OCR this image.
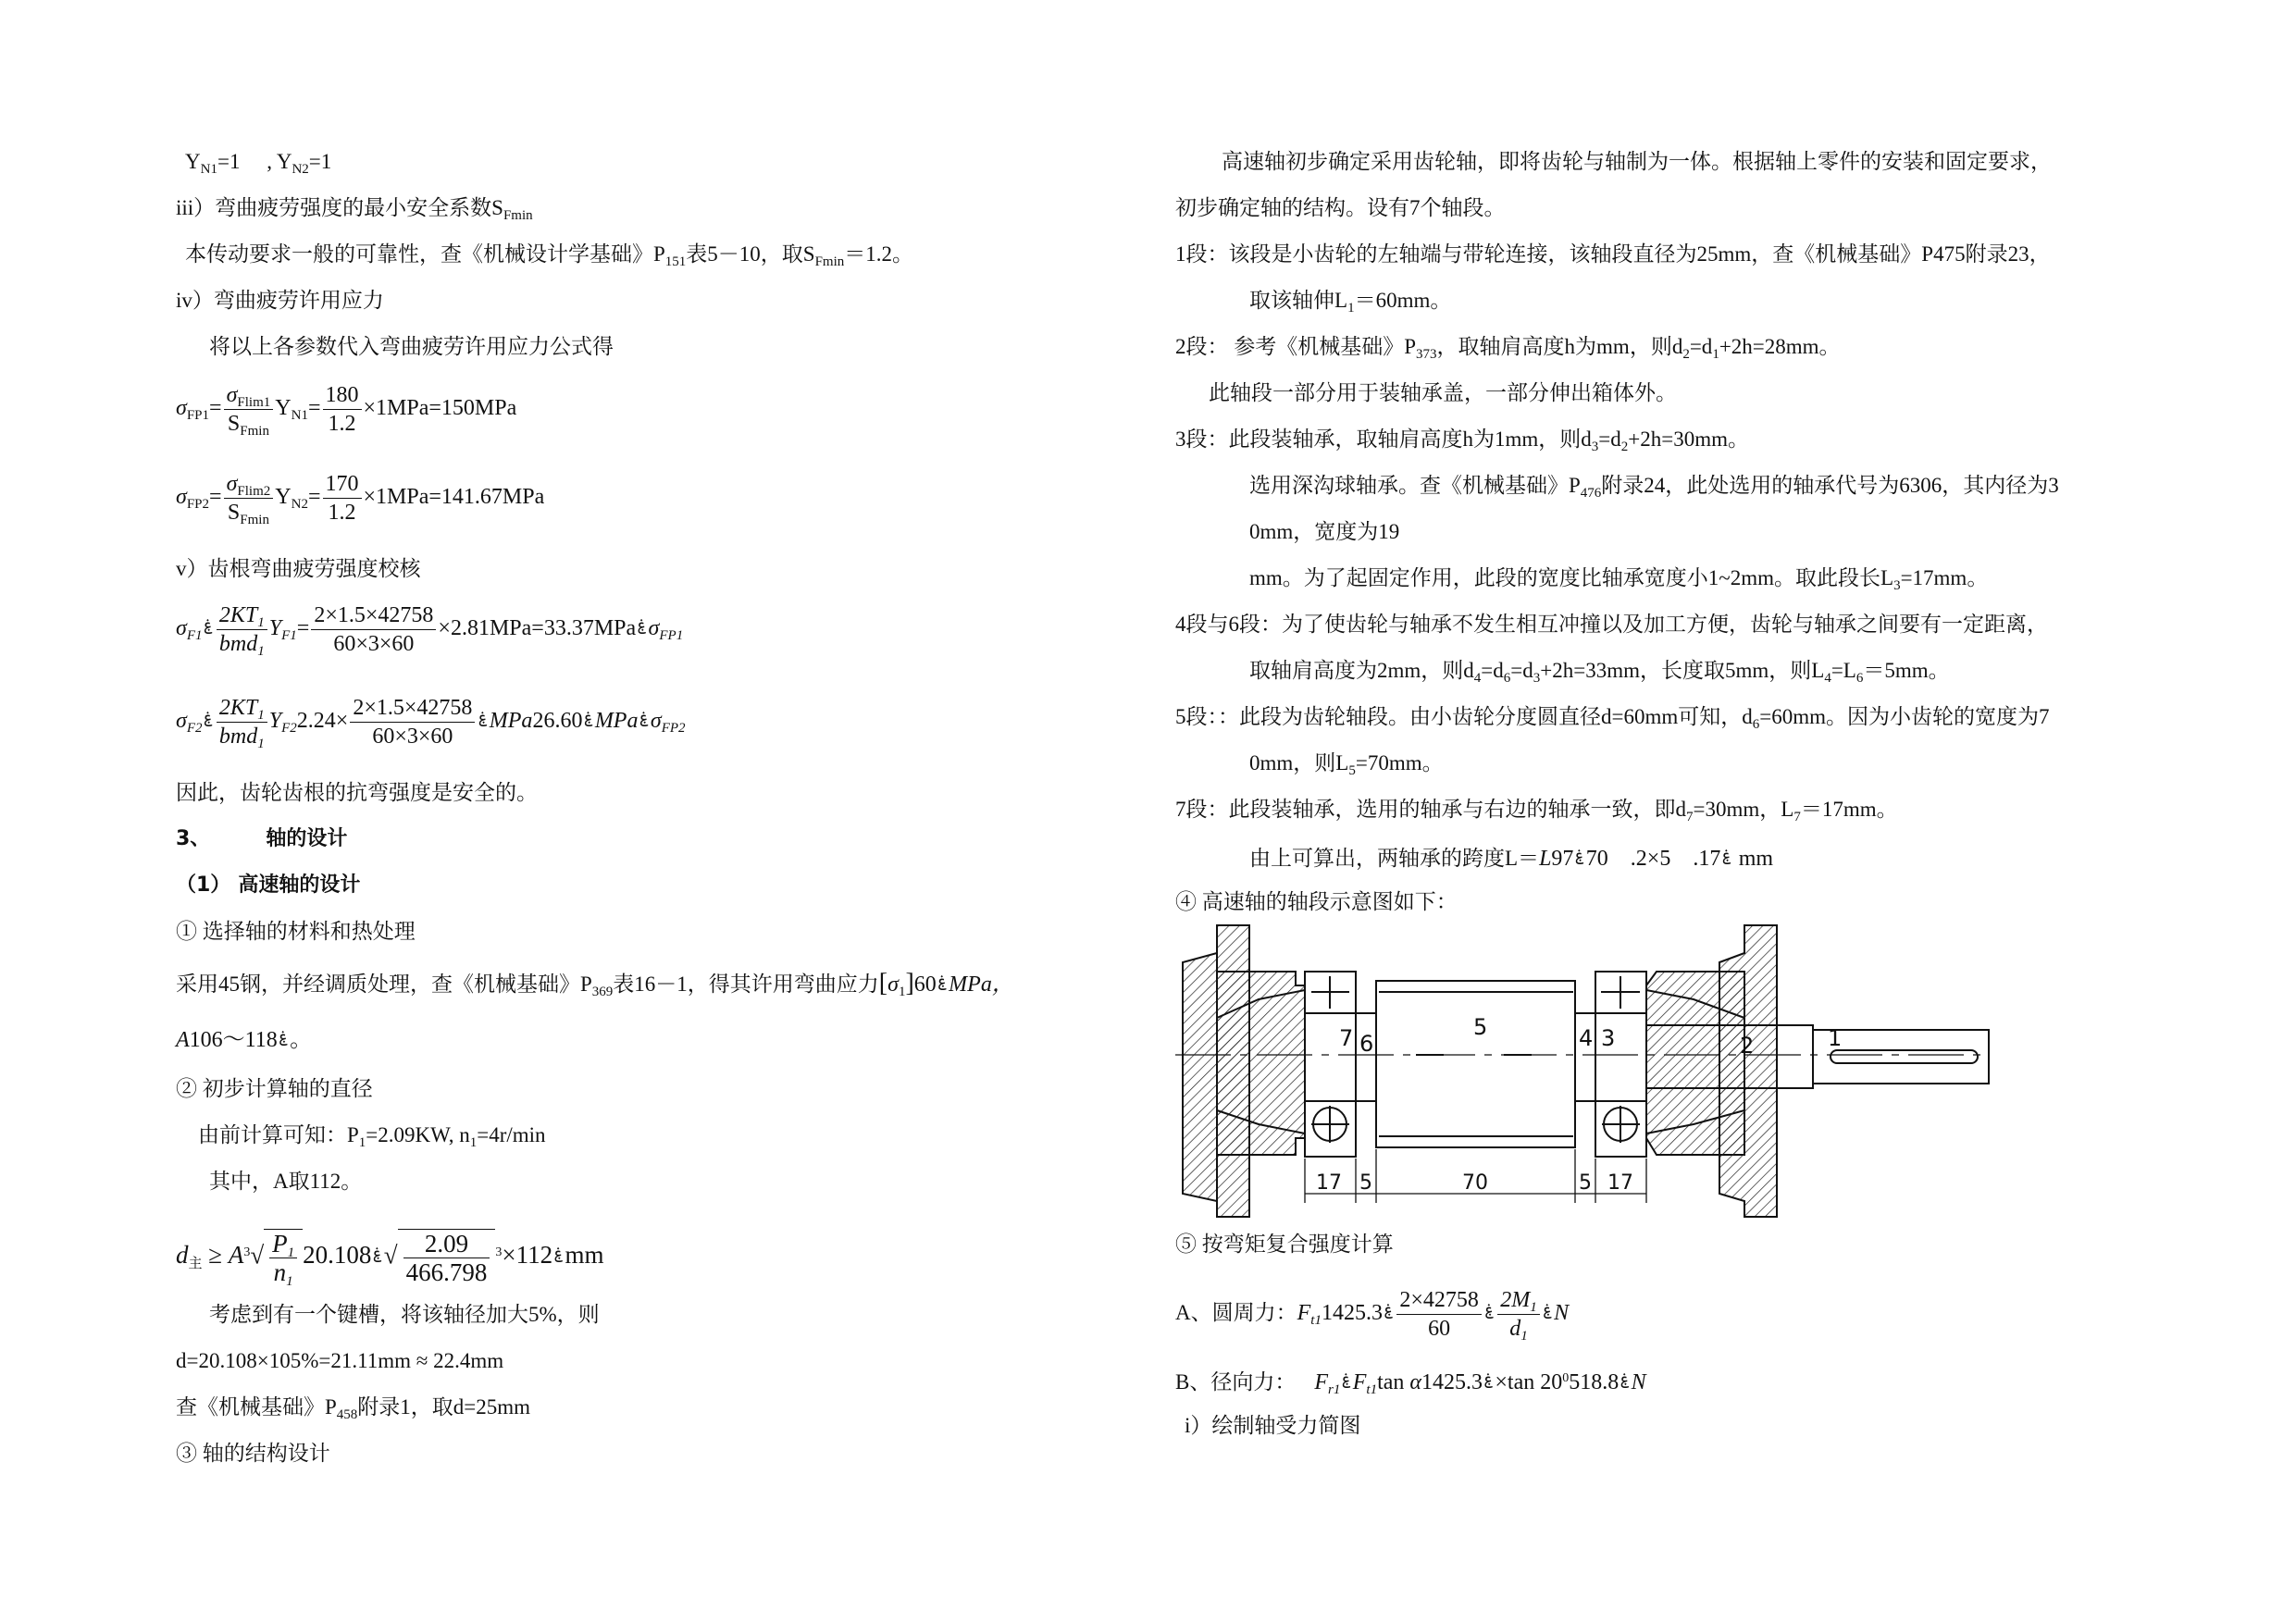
$Y_{N1}=1$　 , $Y_{N2}=1$
iii）弯曲疲劳强度的最小安全系数$S_{Fmin}$
本传动要求一般的可靠性，查《机械设计学基础》$P_{151}$表5－10，取$S_{Fmin}=1.2$。
iv）弯曲疲劳许用应力
将以上各参数代入弯曲疲劳许用应力公式得
$\sigma_{FP1}= \frac{\sigma_{Flim1}}{S_{Fmin}} Y_{N1}= \frac{180}{1.2} \times 1MPa=150MPa$
$\sigma_{FP2}= \frac{\sigma_{Flim2}}{S_{Fmin}} Y_{N2}= \frac{170}{1.2} \times 1MPa=141.67MPa$
v）齿根弯曲疲劳强度校核
$\sigma_{F1}^ۼ \frac{2KT_1}{bmd_1} Y_{F1}= \frac{2\times 1.5\times 42758}{60\times 3\times 60} \times 2.81MPa=33.37MPa$ $^ۼ\sigma_{FP1}$
$\sigma_{F2}^ۼ \frac{2KT_1}{bmd_1} Y_{F2}^ۼ$
$\frac{2\times 1.5\times 42758}{60\times 3\times 60}$
×2.24	MPa	$^ۼ$26.60 MPa $^ۼ\sigma_{FP2}$
因此，齿轮齿根的抗弯强度是安全的。
3、	轴的设计
（1） 高速轴的设计
① 选择轴的材料和热处理
采用45钢，并经调质处理，查《机械基础》$P_{369}$表16－1，得其许用弯曲应力$[\sigma_1]$ $^ۼ$60 MPa，
A	$^ۼ$118～106。
② 初步计算轴的直径
由前计算可知：$P_1=2.09KW$, $n_1=4r/\min$
其中，A取112。
$d_主 \ge A^3√ \frac{P_1}{n_1}$	$^ۼ112\times^3√ \frac{2.09}{466.798}$
$^ۼ$20.108mm
考虑到有一个键槽，将该轴径加大5%，则
d=20.108×105%=21.11mm ≈ 22.4mm
查《机械基础》$P_{458}$附录1，取d=25mm
③ 轴的结构设计
高速轴初步确定采用齿轮轴，即将齿轮与轴制为一体。根据轴上零件的安装和固定要求，
初步确定轴的结构。设有7个轴段。
1段：该段是小齿轮的左轴端与带轮连接，该轴段直径为25mm，查《机械基础》P475附录23，
取该轴伸$L_1=60mm$。
2段： 参考《机械基础》$P_{373}$，取轴肩高度h为mm，则$d_2=d_1+2h=28mm$。
此轴段一部分用于装轴承盖，一部分伸出箱体外。
3段：此段装轴承，取轴肩高度h为1mm，则$d_3=d_2+2h=30mm$。
选用深沟球轴承。查《机械基础》$P_{476}$附录24，此处选用的轴承代号为6306，其内径为3
0mm，宽度为19
mm。为了起固定作用，此段的宽度比轴承宽度小1~2mm。取此段长$L_3=17mm$。
4段与6段：为了使齿轮与轴承不发生相互冲撞以及加工方便，齿轮与轴承之间要有一定距离，
取轴肩高度为2mm，则$d_4=d_6=d_3+2h=33mm$，长度取5mm，则$L_4=L_6=5mm$。
5段：：此段为齿轮轴段。由小齿轮分度圆直径d=60mm可知，$d_6=60mm$。因为小齿轮的宽度为7
0mm，则$L_5=70mm$。
7段：此段装轴承，选用的轴承与右边的轴承一致，即$d_7=30mm$，$L_7=17mm$。
由上可算出，两轴承的跨度L＝L	$^ۼ$17.　5×2.　$70^ۼ97$ mm
④ 高速轴的轴段示意图如下：
⑤ 按弯矩复合强度计算
A、圆周力：$F_{t1}^ۼ$
$\frac{2M_1}{d_1}$
$^ۼ$
$\frac{2\times 42758}{60}$
$^ۼ$1425.3	N
B、径向力： $F_{r1}^ۼF_{t1}\tan$ α	$^ۼ$1425.3×tan $20^0$	$^ۼ$518.8 N
i）绘制轴受力简图
7 6
5	4 3	2	1
17 5	70	5 17
